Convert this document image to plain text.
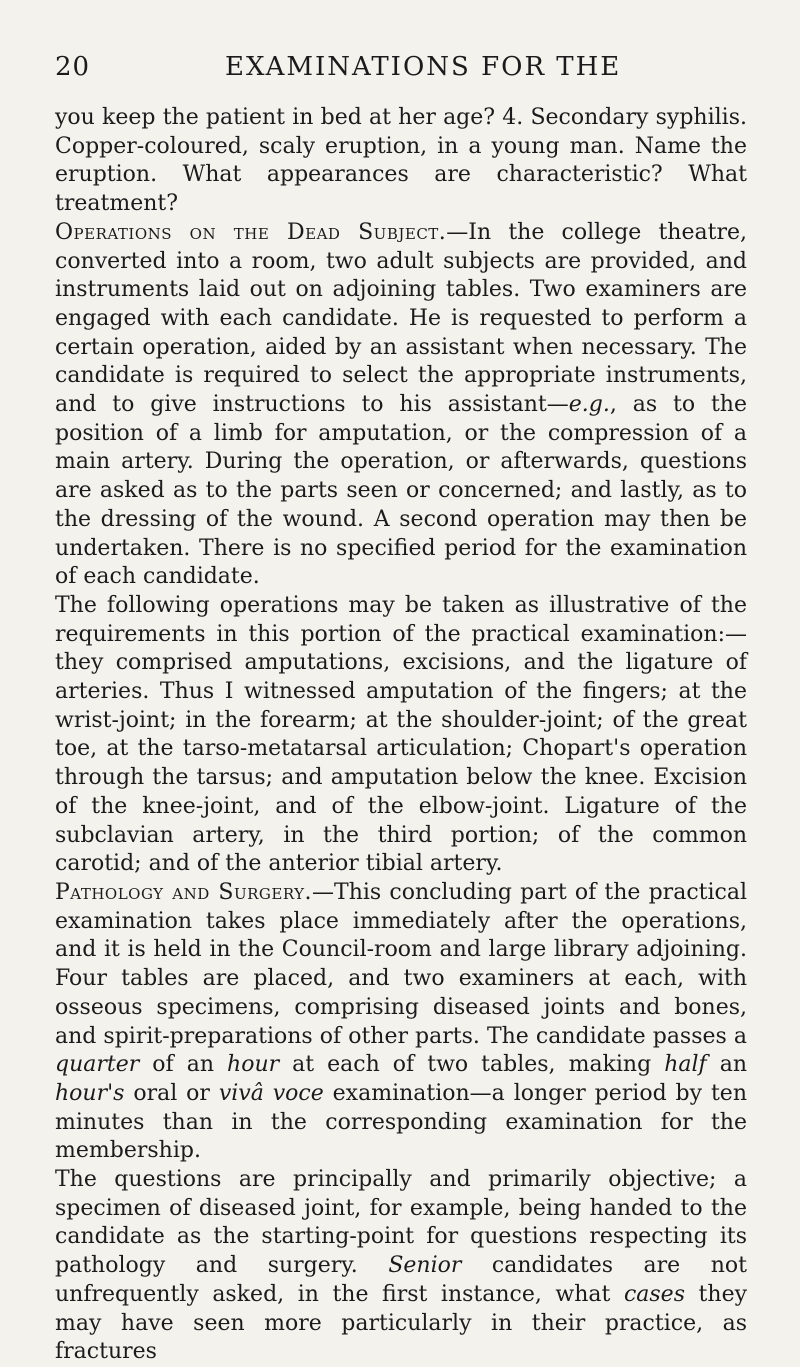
20	EXAMINATIONS FOR THE

you keep the patient in bed at her age? 4. Secondary syphilis. Copper-coloured, scaly eruption, in a young man. Name the eruption. What appearances are characteristic? What treatment?

Operations on the Dead Subject.—In the college theatre, converted into a room, two adult subjects are provided, and instruments laid out on adjoining tables. Two examiners are engaged with each candidate. He is requested to perform a certain operation, aided by an assistant when necessary. The candidate is required to select the appropriate instruments, and to give instructions to his assistant—e.g., as to the position of a limb for amputation, or the compression of a main artery. During the operation, or afterwards, questions are asked as to the parts seen or concerned; and lastly, as to the dressing of the wound. A second operation may then be undertaken. There is no specified period for the examination of each candidate.

The following operations may be taken as illustrative of the requirements in this portion of the practical examination:—they comprised amputations, excisions, and the ligature of arteries. Thus I witnessed amputation of the fingers; at the wrist-joint; in the forearm; at the shoulder-joint; of the great toe, at the tarso-metatarsal articulation; Chopart's operation through the tarsus; and amputation below the knee. Excision of the knee-joint, and of the elbow-joint. Ligature of the subclavian artery, in the third portion; of the common carotid; and of the anterior tibial artery.

Pathology and Surgery.—This concluding part of the practical examination takes place immediately after the operations, and it is held in the Council-room and large library adjoining. Four tables are placed, and two examiners at each, with osseous specimens, comprising diseased joints and bones, and spirit-preparations of other parts. The candidate passes a quarter of an hour at each of two tables, making half an hour's oral or vivâ voce examination—a longer period by ten minutes than in the corresponding examination for the membership.

The questions are principally and primarily objective; a specimen of diseased joint, for example, being handed to the candidate as the starting-point for questions respecting its pathology and surgery. Senior candidates are not unfrequently asked, in the first instance, what cases they may have seen more particularly in their practice, as fractures
